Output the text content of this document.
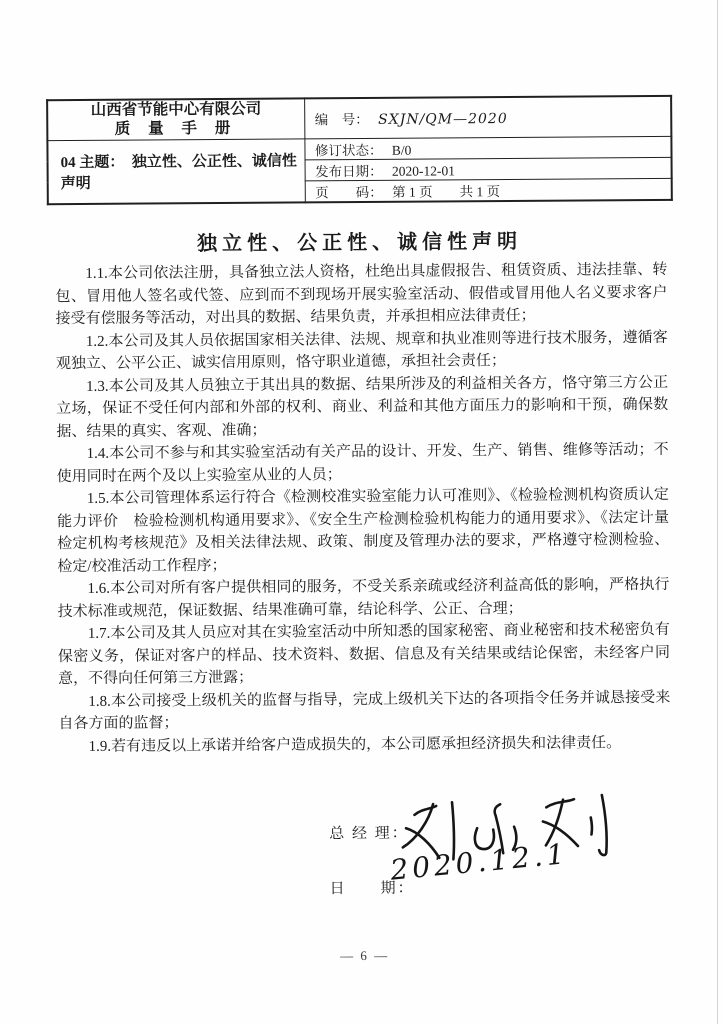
山西省节能中心有限公司
质 量 手 册	编　号： SXJN/QM—2020
04 主题：　独立性、公正性、诚信性声明	修订状态： B/0
	发布日期： 2020-12-01
	页　　码： 第 1 页　　共 1 页
独立性、公正性、诚信性声明

1.1.本公司依法注册，具备独立法人资格，杜绝出具虚假报告、租赁资质、违法挂靠、转包、冒用他人签名或代签、应到而不到现场开展实验室活动、假借或冒用他人名义要求客户接受有偿服务等活动，对出具的数据、结果负责，并承担相应法律责任；

1.2.本公司及其人员依据国家相关法律、法规、规章和执业准则等进行技术服务，遵循客观独立、公平公正、诚实信用原则，恪守职业道德，承担社会责任；

1.3.本公司及其人员独立于其出具的数据、结果所涉及的利益相关各方，恪守第三方公正立场，保证不受任何内部和外部的权利、商业、利益和其他方面压力的影响和干预，确保数据、结果的真实、客观、准确；

1.4.本公司不参与和其实验室活动有关产品的设计、开发、生产、销售、维修等活动；不使用同时在两个及以上实验室从业的人员；

1.5.本公司管理体系运行符合《检测校准实验室能力认可准则》、《检验检测机构资质认定能力评价　检验检测机构通用要求》、《安全生产检测检验机构能力的通用要求》、《法定计量检定机构考核规范》及相关法律法规、政策、制度及管理办法的要求，严格遵守检测检验、检定/校准活动工作程序；

1.6.本公司对所有客户提供相同的服务，不受关系亲疏或经济利益高低的影响，严格执行技术标准或规范，保证数据、结果准确可靠，结论科学、公正、合理；

1.7.本公司及其人员应对其在实验室活动中所知悉的国家秘密、商业秘密和技术秘密负有保密义务，保证对客户的样品、技术资料、数据、信息及有关结果或结论保密，未经客户同意，不得向任何第三方泄露；

1.8.本公司接受上级机关的监督与指导，完成上级机关下达的各项指令任务并诚恳接受来自各方面的监督；

1.9.若有违反以上承诺并给客户造成损失的，本公司愿承担经济损失和法律责任。

总 经 理：
日　　期：
2020.12.1
— 6 —
